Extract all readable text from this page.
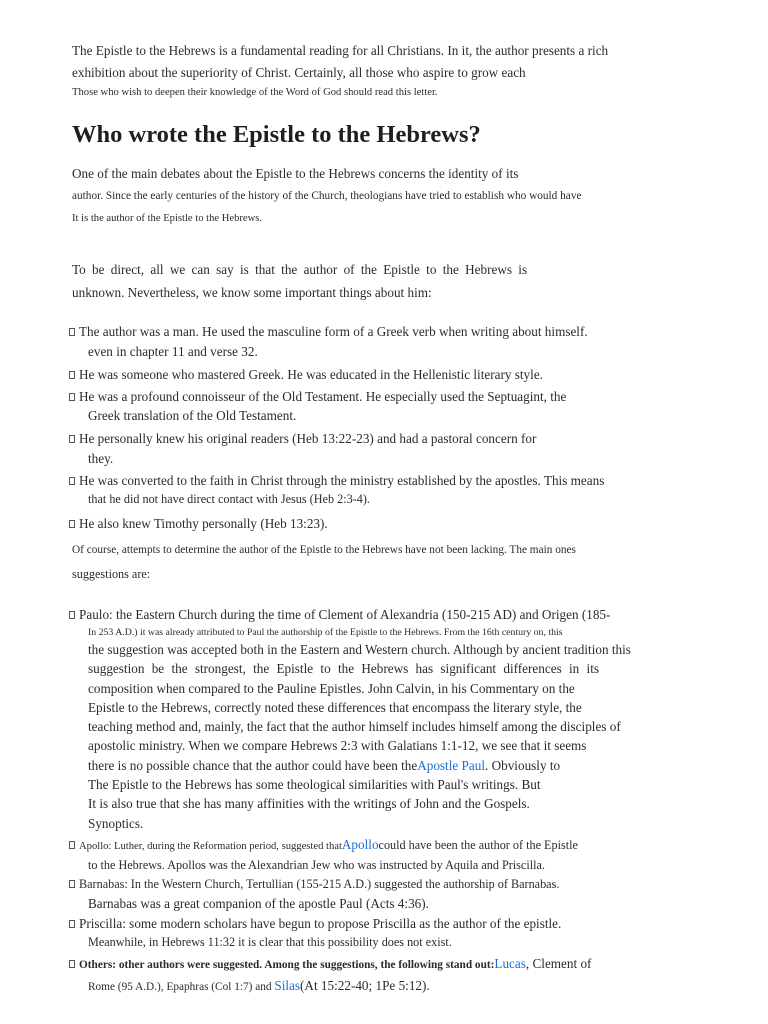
The Epistle to the Hebrews is a fundamental reading for all Christians. In it, the author presents a rich
exhibition about the superiority of Christ. Certainly, all those who aspire to grow each
Those who wish to deepen their knowledge of the Word of God should read this letter.
Who wrote the Epistle to the Hebrews?
One of the main debates about the Epistle to the Hebrews concerns the identity of its
author. Since the early centuries of the history of the Church, theologians have tried to establish who would have
It is the author of the Epistle to the Hebrews.
To be direct, all we can say is that the author of the Epistle to the Hebrews is
unknown. Nevertheless, we know some important things about him:
The author was a man. He used the masculine form of a Greek verb when writing about himself.
even in chapter 11 and verse 32.
He was someone who mastered Greek. He was educated in the Hellenistic literary style.
He was a profound connoisseur of the Old Testament. He especially used the Septuagint, the
Greek translation of the Old Testament.
He personally knew his original readers (Heb 13:22-23) and had a pastoral concern for
they.
He was converted to the faith in Christ through the ministry established by the apostles. This means
that he did not have direct contact with Jesus (Heb 2:3-4).
He also knew Timothy personally (Heb 13:23).
Of course, attempts to determine the author of the Epistle to the Hebrews have not been lacking. The main ones
suggestions are:
Paulo: the Eastern Church during the time of Clement of Alexandria (150-215 AD) and Origen (185-
In 253 A.D.) it was already attributed to Paul the authorship of the Epistle to the Hebrews. From the 16th century on, this
the suggestion was accepted both in the Eastern and Western church. Although by ancient tradition this
suggestion be the strongest, the Epistle to the Hebrews has significant differences in its
composition when compared to the Pauline Epistles. John Calvin, in his Commentary on the
Epistle to the Hebrews, correctly noted these differences that encompass the literary style, the
teaching method and, mainly, the fact that the author himself includes himself among the disciples of
apostolic ministry. When we compare Hebrews 2:3 with Galatians 1:1-12, we see that it seems
there is no possible chance that the author could have been theApostle Paul. Obviously to
The Epistle to the Hebrews has some theological similarities with Paul's writings. But
It is also true that she has many affinities with the writings of John and the Gospels.
Synoptics.
Apollo: Luther, during the Reformation period, suggested thatApollocould have been the author of the Epistle
to the Hebrews. Apollos was the Alexandrian Jew who was instructed by Aquila and Priscilla.
Barnabas: In the Western Church, Tertullian (155-215 A.D.) suggested the authorship of Barnabas.
Barnabas was a great companion of the apostle Paul (Acts 4:36).
Priscilla: some modern scholars have begun to propose Priscilla as the author of the epistle.
Meanwhile, in Hebrews 11:32 it is clear that this possibility does not exist.
Others: other authors were suggested. Among the suggestions, the following stand out:Lucas, Clement of
Rome (95 A.D.), Epaphras (Col 1:7) and Silas(At 15:22-40; 1Pe 5:12).
